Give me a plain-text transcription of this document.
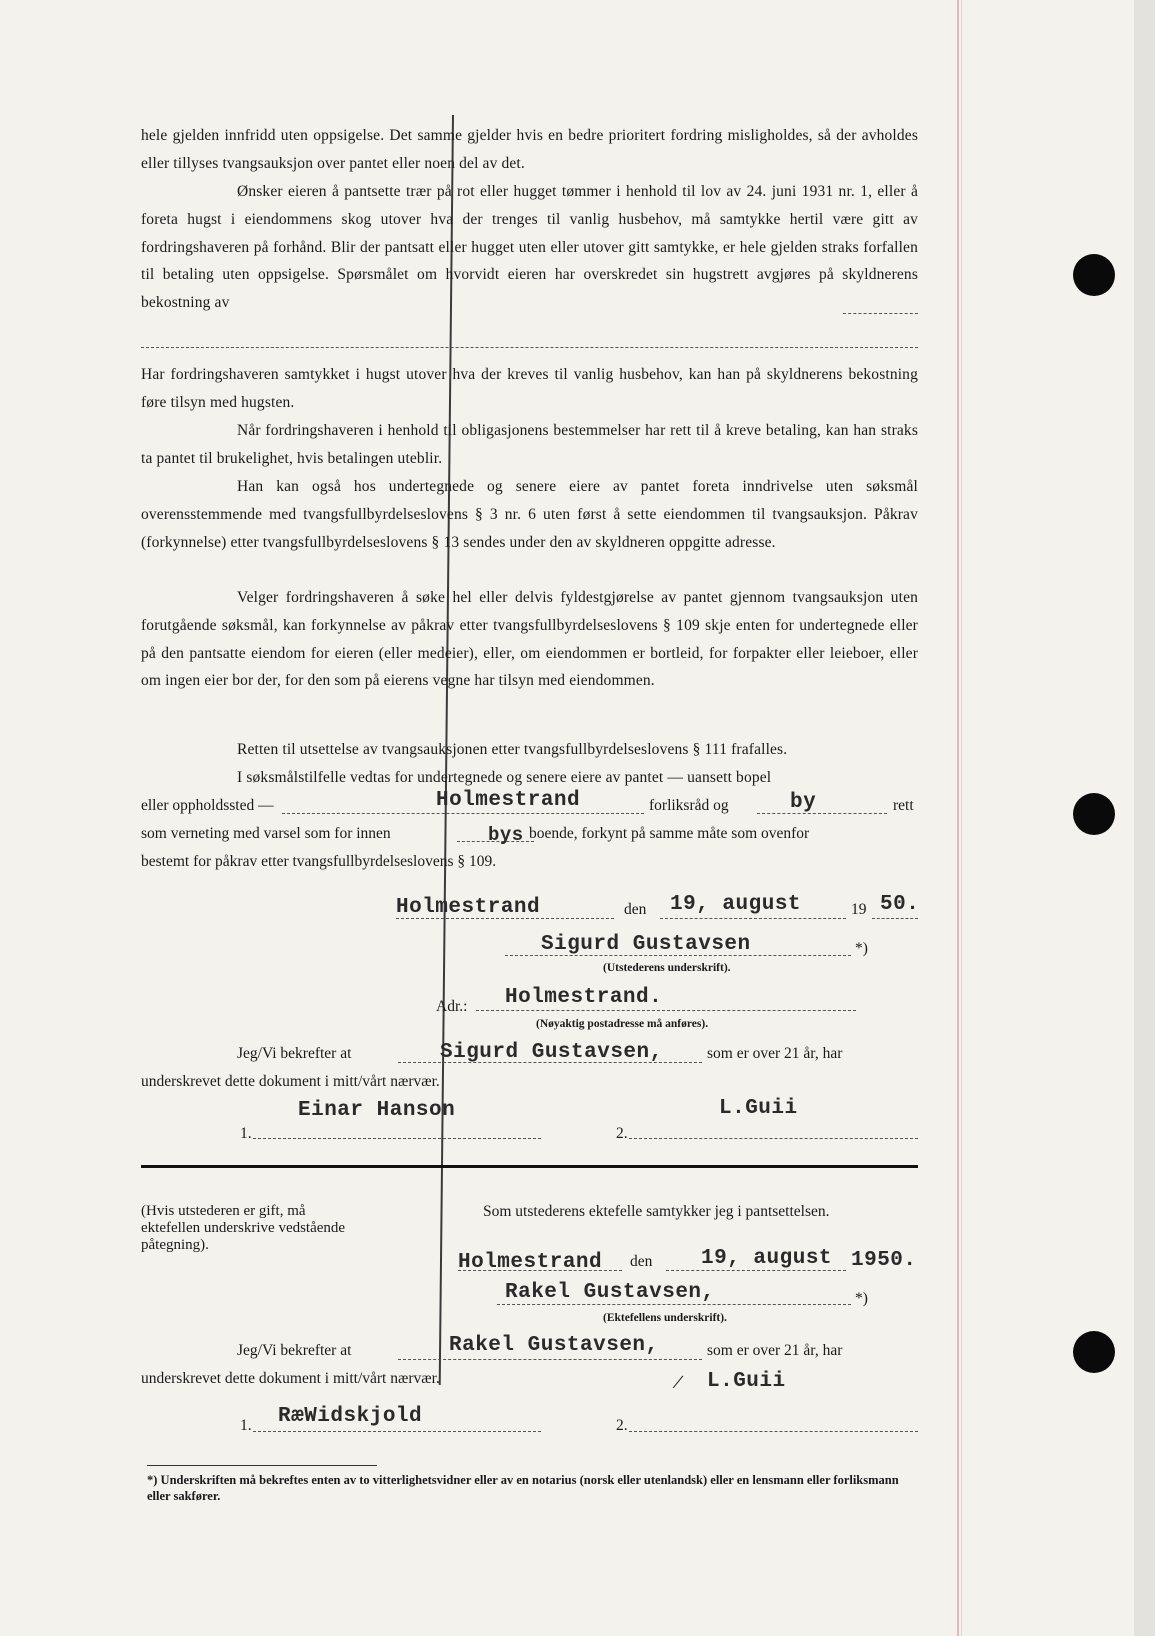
hele gjelden innfridd uten oppsigelse. Det samme gjelder hvis en bedre prioritert fordring misligholdes, så der avholdes eller tillyses tvangsauksjon over pantet eller noen del av det.
Ønsker eieren å pantsette trær på rot eller hugget tømmer i henhold til lov av 24. juni 1931 nr. 1, eller å foreta hugst i eiendommens skog utover hva der trenges til vanlig husbehov, må samtykke hertil være gitt av fordringshaveren på forhånd. Blir der pantsatt eller hugget uten eller utover gitt samtykke, er hele gjelden straks forfallen til betaling uten oppsigelse. Spørsmålet om hvorvidt eieren har overskredet sin hugstrett avgjøres på skyldnerens bekostning av
Har fordringshaveren samtykket i hugst utover hva der kreves til vanlig husbehov, kan han på skyldnerens bekostning føre tilsyn med hugsten.
Når fordringshaveren i henhold til obligasjonens bestemmelser har rett til å kreve betaling, kan han straks ta pantet til brukelighet, hvis betalingen uteblir.
Han kan også hos undertegnede og senere eiere av pantet foreta inndrivelse uten søksmål overensstemmende med tvangsfullbyrdelseslovens § 3 nr. 6 uten først å sette eiendommen til tvangsauksjon. Påkrav (forkynnelse) etter tvangsfullbyrdelseslovens § 13 sendes under den av skyldneren oppgitte adresse.
Velger fordringshaveren å søke hel eller delvis fyldestgjørelse av pantet gjennom tvangsauksjon uten forutgående søksmål, kan forkynnelse av påkrav etter tvangsfullbyrdelseslovens § 109 skje enten for undertegnede eller på den pantsatte eiendom for eieren (eller medeier), eller, om eiendommen er bortleid, for forpakter eller leieboer, eller om ingen eier bor der, for den som på eierens vegne har tilsyn med eiendommen.
Retten til utsettelse av tvangsauksjonen etter tvangsfullbyrdelseslovens § 111 frafalles.
I søksmålstilfelle vedtas for undertegnede og senere eiere av pantet — uansett bopel
eller oppholdssted —	Holmestrand	forliksråd og	by	rett
som verneting med varsel som for innen	bys boende, forkynt på samme måte som ovenfor
bestemt for påkrav etter tvangsfullbyrdelseslovens § 109.
Holmestrand	den 19, august	19 50.
Sigurd Gustavsen	*)
(Utstederens underskrift).
Adr.: Holmestrand.
(Nøyaktig postadresse må anføres).
Jeg/Vi bekrefter at	Sigurd Gustavsen,	som er over 21 år, har
underskrevet dette dokument i mitt/vårt nærvær.
1.
Einar Hanson
2.
L.Guii
(Hvis utstederen er gift, må ektefellen underskrive vedstående påtegning).
Som utstederens ektefelle samtykker jeg i pantsettelsen.
Holmestrand den 19, august 1950.
Rakel Gustavsen,	*)
(Ektefellens underskrift).
Jeg/Vi bekrefter at	Rakel Gustavsen,	som er over 21 år, har
underskrevet dette dokument i mitt/vårt nærvær.	/ L.Guii
1. RæWidskjold	2.
*) Underskriften må bekreftes enten av to vitterlighetsvidner eller av en notarius (norsk eller utenlandsk) eller en lensmann eller forliksmann eller sakfører.
